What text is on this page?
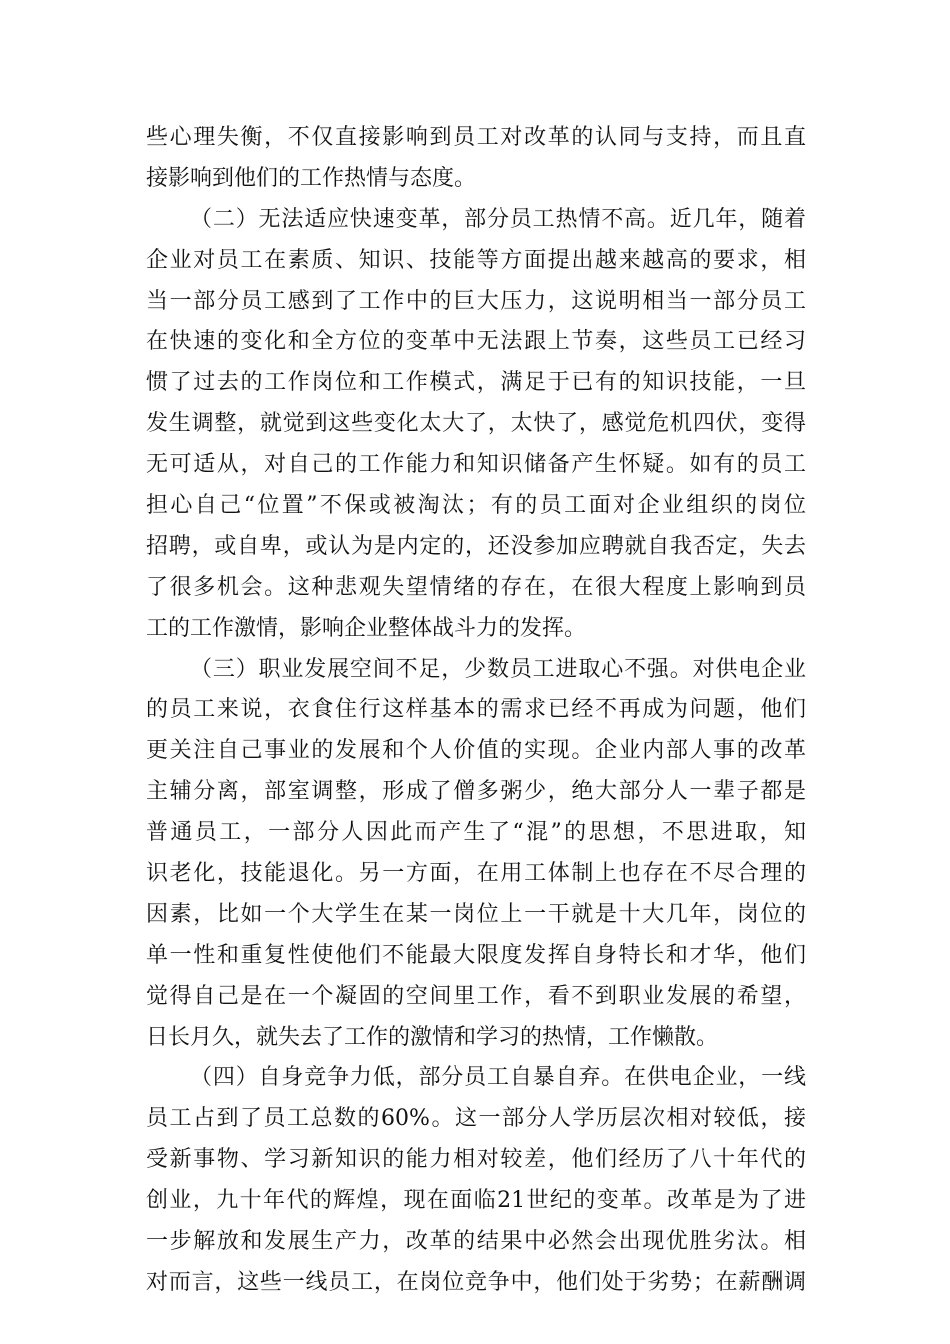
些心理失衡，不仅直接影响到员工对改革的认同与支持，而且直
接影响到他们的工作热情与态度。
（二）无法适应快速变革，部分员工热情不高。近几年，随着
企业对员工在素质、知识、技能等方面提出越来越高的要求，相
当一部分员工感到了工作中的巨大压力，这说明相当一部分员工
在快速的变化和全方位的变革中无法跟上节奏，这些员工已经习
惯了过去的工作岗位和工作模式，满足于已有的知识技能，一旦
发生调整，就觉到这些变化太大了，太快了，感觉危机四伏，变得
无可适从，对自己的工作能力和知识储备产生怀疑。如有的员工
担心自己“位置”不保或被淘汰；有的员工面对企业组织的岗位
招聘，或自卑，或认为是内定的，还没参加应聘就自我否定，失去
了很多机会。这种悲观失望情绪的存在，在很大程度上影响到员
工的工作激情，影响企业整体战斗力的发挥。
（三）职业发展空间不足，少数员工进取心不强。对供电企业
的员工来说，衣食住行这样基本的需求已经不再成为问题，他们
更关注自己事业的发展和个人价值的实现。企业内部人事的改革
主辅分离，部室调整，形成了僧多粥少，绝大部分人一辈子都是
普通员工，一部分人因此而产生了“混”的思想，不思进取，知
识老化，技能退化。另一方面，在用工体制上也存在不尽合理的
因素，比如一个大学生在某一岗位上一干就是十大几年，岗位的
单一性和重复性使他们不能最大限度发挥自身特长和才华，他们
觉得自己是在一个凝固的空间里工作，看不到职业发展的希望，
日长月久，就失去了工作的激情和学习的热情，工作懒散。
（四）自身竞争力低，部分员工自暴自弃。在供电企业，一线
员工占到了员工总数的60%。这一部分人学历层次相对较低，接
受新事物、学习新知识的能力相对较差，他们经历了八十年代的
创业，九十年代的辉煌，现在面临21世纪的变革。改革是为了进
一步解放和发展生产力，改革的结果中必然会出现优胜劣汰。相
对而言，这些一线员工，在岗位竞争中，他们处于劣势；在薪酬调
